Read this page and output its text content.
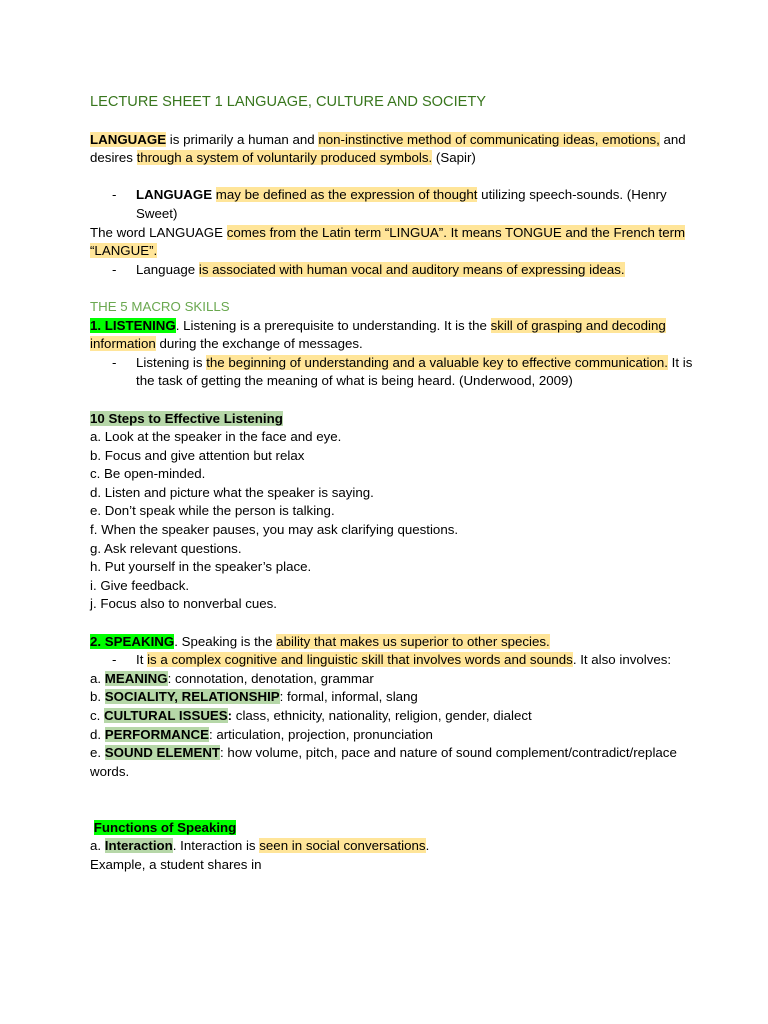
LECTURE SHEET 1 LANGUAGE, CULTURE AND SOCIETY

LANGUAGE is primarily a human and non-instinctive method of communicating ideas, emotions, and desires through a system of voluntarily produced symbols. (Sapir)

- LANGUAGE may be defined as the expression of thought utilizing speech-sounds. (Henry Sweet)

The word LANGUAGE comes from the Latin term “LINGUA”. It means TONGUE and the French term “LANGUE”.

- Language is associated with human vocal and auditory means of expressing ideas.

THE 5 MACRO SKILLS

1. LISTENING. Listening is a prerequisite to understanding. It is the skill of grasping and decoding information during the exchange of messages.

- Listening is the beginning of understanding and a valuable key to effective communication. It is the task of getting the meaning of what is being heard. (Underwood, 2009)

10 Steps to Effective Listening

a. Look at the speaker in the face and eye.

b. Focus and give attention but relax

c. Be open-minded.

d. Listen and picture what the speaker is saying.

e. Don’t speak while the person is talking.

f. When the speaker pauses, you may ask clarifying questions.

g. Ask relevant questions.

h. Put yourself in the speaker’s place.

i. Give feedback.

j. Focus also to nonverbal cues.

2. SPEAKING. Speaking is the ability that makes us superior to other species.

- It is a complex cognitive and linguistic skill that involves words and sounds. It also involves:

a. MEANING: connotation, denotation, grammar

b. SOCIALITY, RELATIONSHIP: formal, informal, slang

c. CULTURAL ISSUES: class, ethnicity, nationality, religion, gender, dialect

d. PERFORMANCE: articulation, projection, pronunciation

e. SOUND ELEMENT: how volume, pitch, pace and nature of sound complement/contradict/replace words.

Functions of Speaking

a. Interaction. Interaction is seen in social conversations.

Example, a student shares in
